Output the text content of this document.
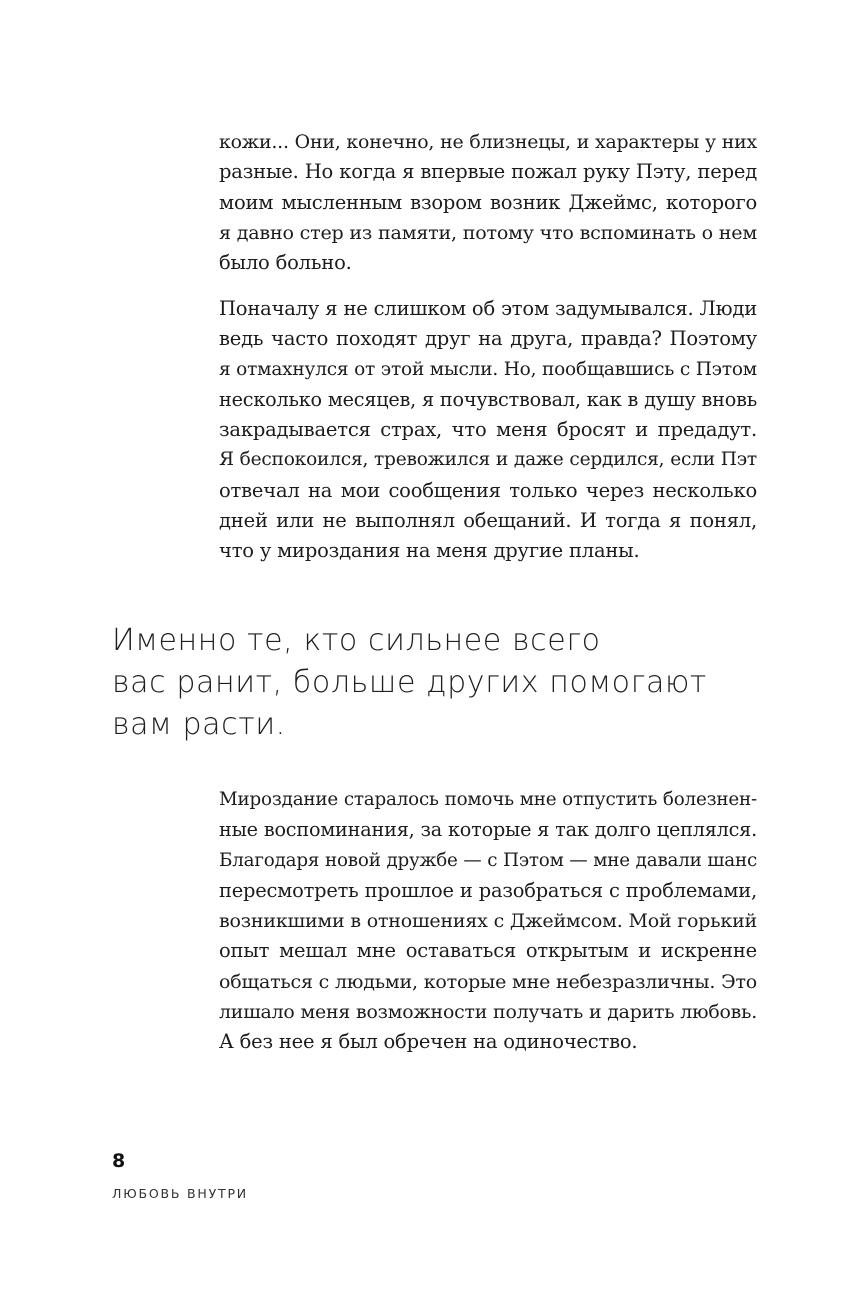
кожи... Они, конечно, не близнецы, и характеры у них
разные. Но когда я впервые пожал руку Пэту, перед
моим мысленным взором возник Джеймс, которого
я давно стер из памяти, потому что вспоминать о нем
было больно.
Поначалу я не слишком об этом задумывался. Люди
ведь часто походят друг на друга, правда? Поэтому
я отмахнулся от этой мысли. Но, пообщавшись с Пэтом
несколько месяцев, я почувствовал, как в душу вновь
закрадывается страх, что меня бросят и предадут.
Я беспокоился, тревожился и даже сердился, если Пэт
отвечал на мои сообщения только через несколько
дней или не выполнял обещаний. И тогда я понял,
что у мироздания на меня другие планы.
Именно те, кто сильнее всего
вас ранит, больше других помогают
вам расти.
Мироздание старалось помочь мне отпустить болезнен-
ные воспоминания, за которые я так долго цеплялся.
Благодаря новой дружбе — с Пэтом — мне давали шанс
пересмотреть прошлое и разобраться с проблемами,
возникшими в отношениях с Джеймсом. Мой горький
опыт мешал мне оставаться открытым и искренне
общаться с людьми, которые мне небезразличны. Это
лишало меня возможности получать и дарить любовь.
А без нее я был обречен на одиночество.
8
ЛЮБОВЬ ВНУТРИ
